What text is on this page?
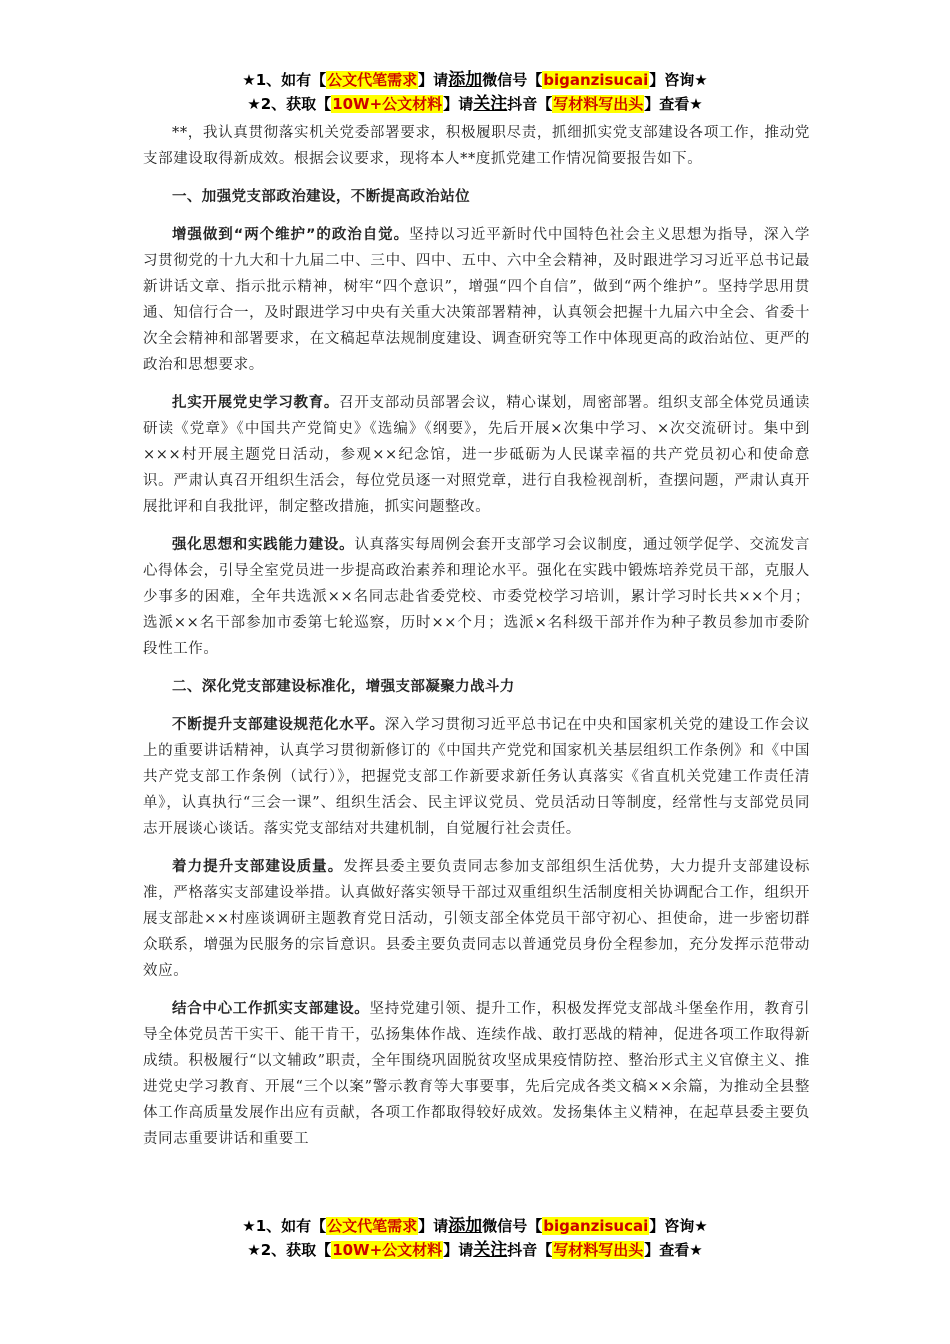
★1、如有【公文代笔需求】请添加微信号【biganzisucai】咨询★
★2、获取【10W+公文材料】请关注抖音【写材料写出头】查看★

**，我认真贯彻落实机关党委部署要求，积极履职尽责，抓细抓实党支部建设各项工作，推动党支部建设取得新成效。根据会议要求，现将本人**度抓党建工作情况简要报告如下。

一、加强党支部政治建设，不断提高政治站位

增强做到“两个维护”的政治自觉。坚持以习近平新时代中国特色社会主义思想为指导，深入学习贯彻党的十九大和十九届二中、三中、四中、五中、六中全会精神，及时跟进学习习近平总书记最新讲话文章、指示批示精神，树牢“四个意识”，增强“四个自信”，做到“两个维护”。坚持学思用贯通、知信行合一，及时跟进学习中央有关重大决策部署精神，认真领会把握十九届六中全会、省委十次全会精神和部署要求，在文稿起草法规制度建设、调查研究等工作中体现更高的政治站位、更严的政治和思想要求。

扎实开展党史学习教育。召开支部动员部署会议，精心谋划，周密部署。组织支部全体党员通读研读《党章》《中国共产党简史》《选编》《纲要》，先后开展×次集中学习、×次交流研讨。集中到×××村开展主题党日活动，参观××纪念馆，进一步砥砺为人民谋幸福的共产党员初心和使命意识。严肃认真召开组织生活会，每位党员逐一对照党章，进行自我检视剖析，查摆问题，严肃认真开展批评和自我批评，制定整改措施，抓实问题整改。

强化思想和实践能力建设。认真落实每周例会套开支部学习会议制度，通过领学促学、交流发言心得体会，引导全室党员进一步提高政治素养和理论水平。强化在实践中锻炼培养党员干部，克服人少事多的困难，全年共选派××名同志赴省委党校、市委党校学习培训，累计学习时长共××个月；选派××名干部参加市委第七轮巡察，历时××个月；选派×名科级干部并作为种子教员参加市委阶段性工作。

二、深化党支部建设标准化，增强支部凝聚力战斗力

不断提升支部建设规范化水平。深入学习贯彻习近平总书记在中央和国家机关党的建设工作会议上的重要讲话精神，认真学习贯彻新修订的《中国共产党党和国家机关基层组织工作条例》和《中国共产党支部工作条例（试行）》，把握党支部工作新要求新任务认真落实《省直机关党建工作责任清单》，认真执行“三会一课”、组织生活会、民主评议党员、党员活动日等制度，经常性与支部党员同志开展谈心谈话。落实党支部结对共建机制，自觉履行社会责任。

着力提升支部建设质量。发挥县委主要负责同志参加支部组织生活优势，大力提升支部建设标准，严格落实支部建设举措。认真做好落实领导干部过双重组织生活制度相关协调配合工作，组织开展支部赴××村座谈调研主题教育党日活动，引领支部全体党员干部守初心、担使命，进一步密切群众联系，增强为民服务的宗旨意识。县委主要负责同志以普通党员身份全程参加，充分发挥示范带动效应。

结合中心工作抓实支部建设。坚持党建引领、提升工作，积极发挥党支部战斗堡垒作用，教育引导全体党员苦干实干、能干肯干，弘扬集体作战、连续作战、敢打恶战的精神，促进各项工作取得新成绩。积极履行“以文辅政”职责，全年围绕巩固脱贫攻坚成果疫情防控、整治形式主义官僚主义、推进党史学习教育、开展“三个以案”警示教育等大事要事，先后完成各类文稿××余篇，为推动全县整体工作高质量发展作出应有贡献，各项工作都取得较好成效。发扬集体主义精神，在起草县委主要负责同志重要讲话和重要工

★1、如有【公文代笔需求】请添加微信号【biganzisucai】咨询★
★2、获取【10W+公文材料】请关注抖音【写材料写出头】查看★
